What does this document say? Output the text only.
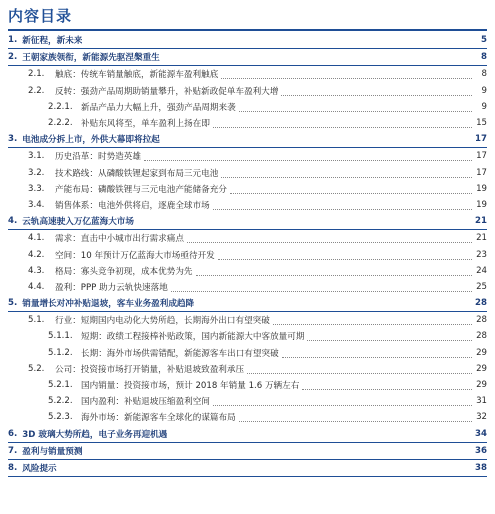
内容目录
1. 新征程，新未来	5
2. 王朝家族领衔，新能源先驱涅槃重生	8
2.1.	触底：传统车销量触底，新能源车盈利触底	8
2.2.	反转：强劲产品周期助销量攀升，补贴新政促单车盈利大增	9
2.2.1. 新品产品力大幅上升，强劲产品周期来袭	9
2.2.2. 补贴东风将至，单车盈利上扬在即	15
3. 电池成分拆上市，外供大幕即将拉起	17
3.1.	历史沿革：时势造英雄	17
3.2.	技术路线：从磷酸铁锂起家到布局三元电池	17
3.3.	产能布局：磷酸铁锂与三元电池产能储备充分	19
3.4.	销售体系：电池外供将启，逐鹿全球市场	19
4. 云轨高速驶入万亿蓝海大市场	21
4.1.	需求：直击中小城市出行需求痛点	21
4.2.	空间：10 年预计万亿蓝海大市场亟待开发	23
4.3.	格局：寡头竞争初现，成本优势为先	24
4.4.	盈利：PPP 助力云轨快速落地	25
5. 销量增长对冲补贴退坡，客车业务盈利成趋降	28
5.1.	行业：短期国内电动化大势所趋，长期海外出口有望突破	28
5.1.1. 短期：政绩工程接棒补贴政策，国内新能源大中客放量可期	28
5.1.2. 长期：海外市场供需错配，新能源客车出口有望突破	29
5.2.	公司：投资接市场打开销量，补贴退坡致盈利承压	29
5.2.1. 国内销量：投资接市场，预计 2018 年销量 1.6 万辆左右	29
5.2.2. 国内盈利：补贴退坡压缩盈利空间	31
5.2.3. 海外市场：新能源客车全球化的谋篇布局	32
6. 3D 玻璃大势所趋，电子业务再迎机遇	34
7. 盈利与销量预测	36
8. 风险提示	38
